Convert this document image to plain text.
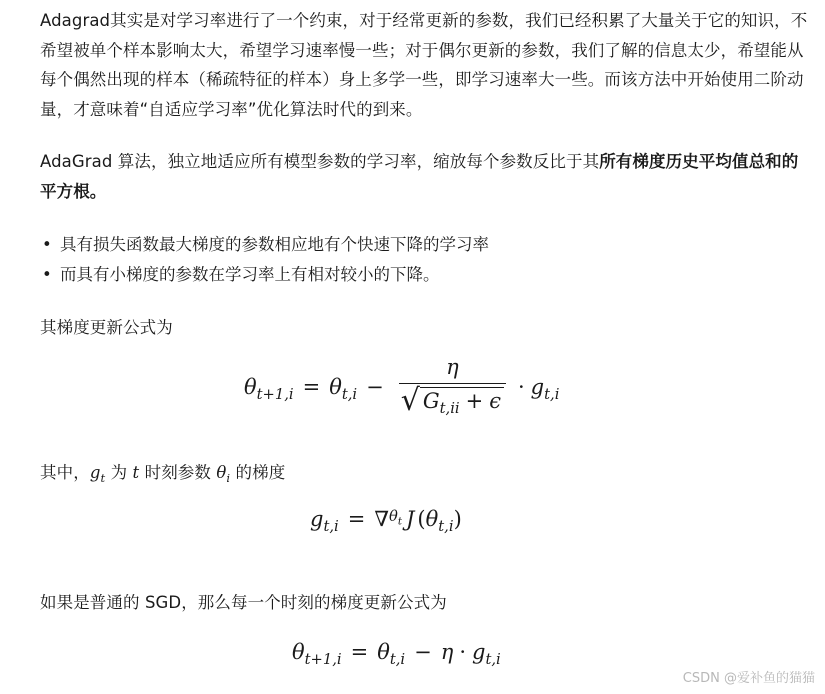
Adagrad其实是对学习率进行了一个约束，对于经常更新的参数，我们已经积累了大量关于它的知识，不希望被单个样本影响太大，希望学习速率慢一些；对于偶尔更新的参数，我们了解的信息太少，希望能从每个偶然出现的样本（稀疏特征的样本）身上多学一些，即学习速率大一些。而该方法中开始使用二阶动量，才意味着“自适应学习率”优化算法时代的到来。

AdaGrad 算法，独立地适应所有模型参数的学习率，缩放每个参数反比于其所有梯度历史平均值总和的平方根。

• 具有损失函数最大梯度的参数相应地有个快速下降的学习率
• 而具有小梯度的参数在学习率上有相对较小的下降。

其梯度更新公式为

其中，$g_t$ 为 t 时刻参数 $\theta_i$ 的梯度

如果是普通的 SGD，那么每一个时刻的梯度更新公式为

$\theta_{t+1,i} = \theta_{t,i} - \frac{\eta}{√ G_{t,ii} + \epsilon} \cdot g_{t,i}$
$g_{t,i}$ = ∇ $\theta_t$ J ( $\theta_{t,i}$ )
$\theta_{t+1,i} = \theta_{t,i} - \eta \cdot g_{t,i}$
CSDN @爱补鱼的猫猫
